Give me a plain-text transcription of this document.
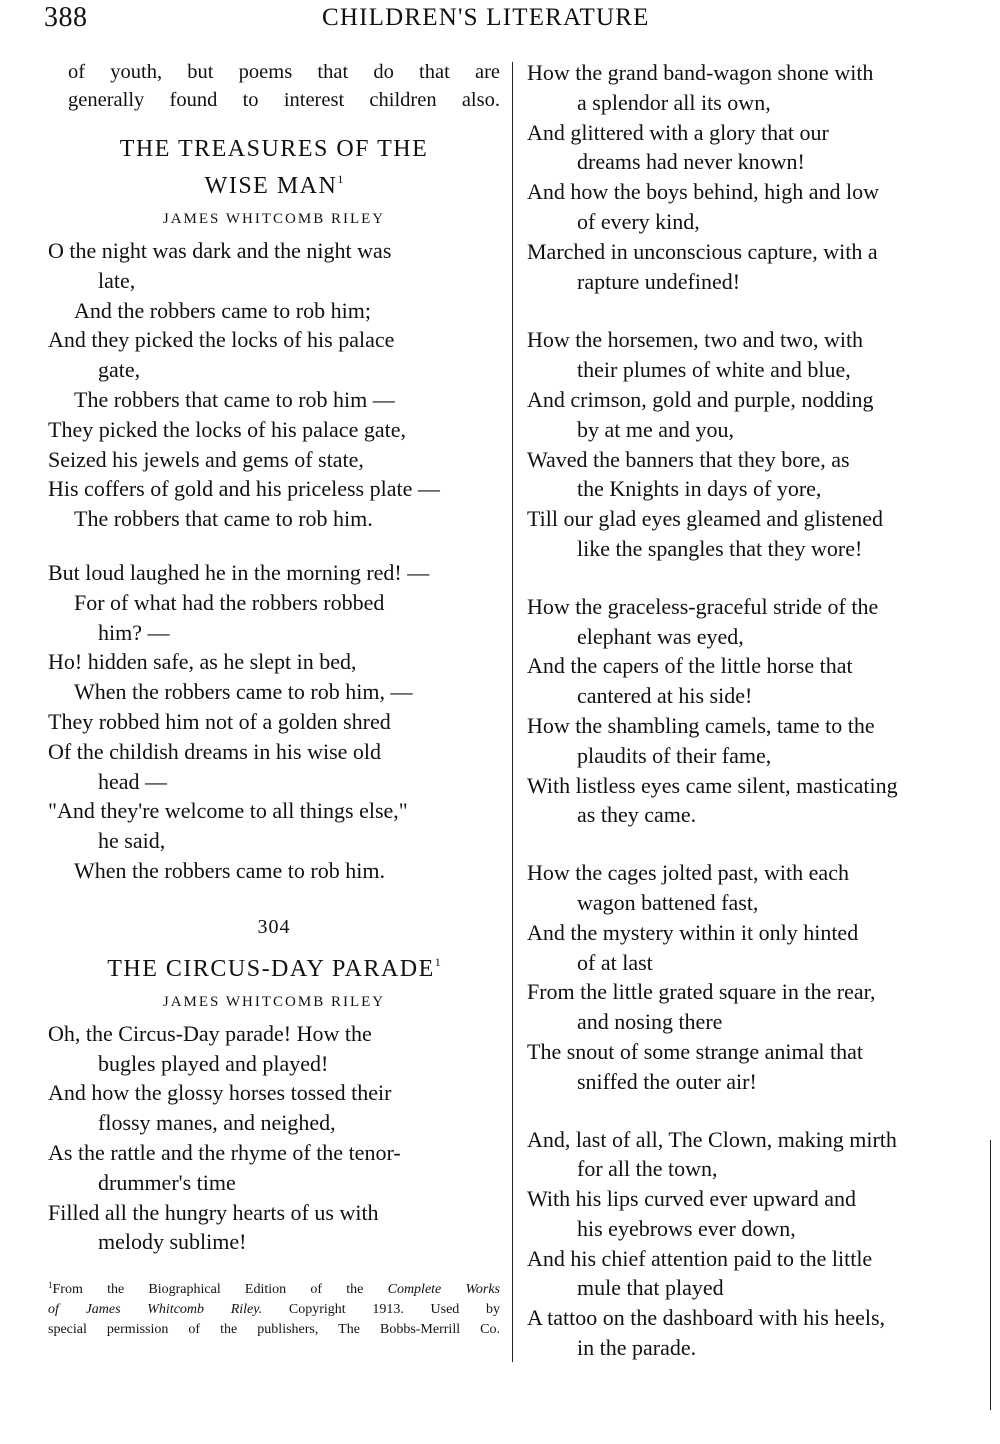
388	CHILDREN'S LITERATURE
of youth, but poems that do that are
generally found to interest children also.
THE TREASURES OF THE
WISE MAN$^1$
JAMES WHITCOMB RILEY
O the night was dark and the night was
late,
And the robbers came to rob him;
And they picked the locks of his palace
gate,
The robbers that came to rob him —
They picked the locks of his palace gate,
Seized his jewels and gems of state,
His coffers of gold and his priceless plate —
The robbers that came to rob him.
But loud laughed he in the morning red! —
For of what had the robbers robbed
him? —
Ho! hidden safe, as he slept in bed,
When the robbers came to rob him, —
They robbed him not of a golden shred
Of the childish dreams in his wise old
head —
"And they're welcome to all things else,"
he said,
When the robbers came to rob him.
304
THE CIRCUS-DAY PARADE$^1$
JAMES WHITCOMB RILEY
Oh, the Circus-Day parade! How the
bugles played and played!
And how the glossy horses tossed their
flossy manes, and neighed,
As the rattle and the rhyme of the tenor-
drummer's time
Filled all the hungry hearts of us with
melody sublime!
$^1$From the Biographical Edition of the Complete Works
of James Whitcomb Riley. Copyright 1913. Used by
special permission of the publishers, The Bobbs-Merrill Co.
How the grand band-wagon shone with
a splendor all its own,
And glittered with a glory that our
dreams had never known!
And how the boys behind, high and low
of every kind,
Marched in unconscious capture, with a
rapture undefined!
How the horsemen, two and two, with
their plumes of white and blue,
And crimson, gold and purple, nodding
by at me and you,
Waved the banners that they bore, as
the Knights in days of yore,
Till our glad eyes gleamed and glistened
like the spangles that they wore!
How the graceless-graceful stride of the
elephant was eyed,
And the capers of the little horse that
cantered at his side!
How the shambling camels, tame to the
plaudits of their fame,
With listless eyes came silent, masticating
as they came.
How the cages jolted past, with each
wagon battened fast,
And the mystery within it only hinted
of at last
From the little grated square in the rear,
and nosing there
The snout of some strange animal that
sniffed the outer air!
And, last of all, The Clown, making mirth
for all the town,
With his lips curved ever upward and
his eyebrows ever down,
And his chief attention paid to the little
mule that played
A tattoo on the dashboard with his heels,
in the parade.
